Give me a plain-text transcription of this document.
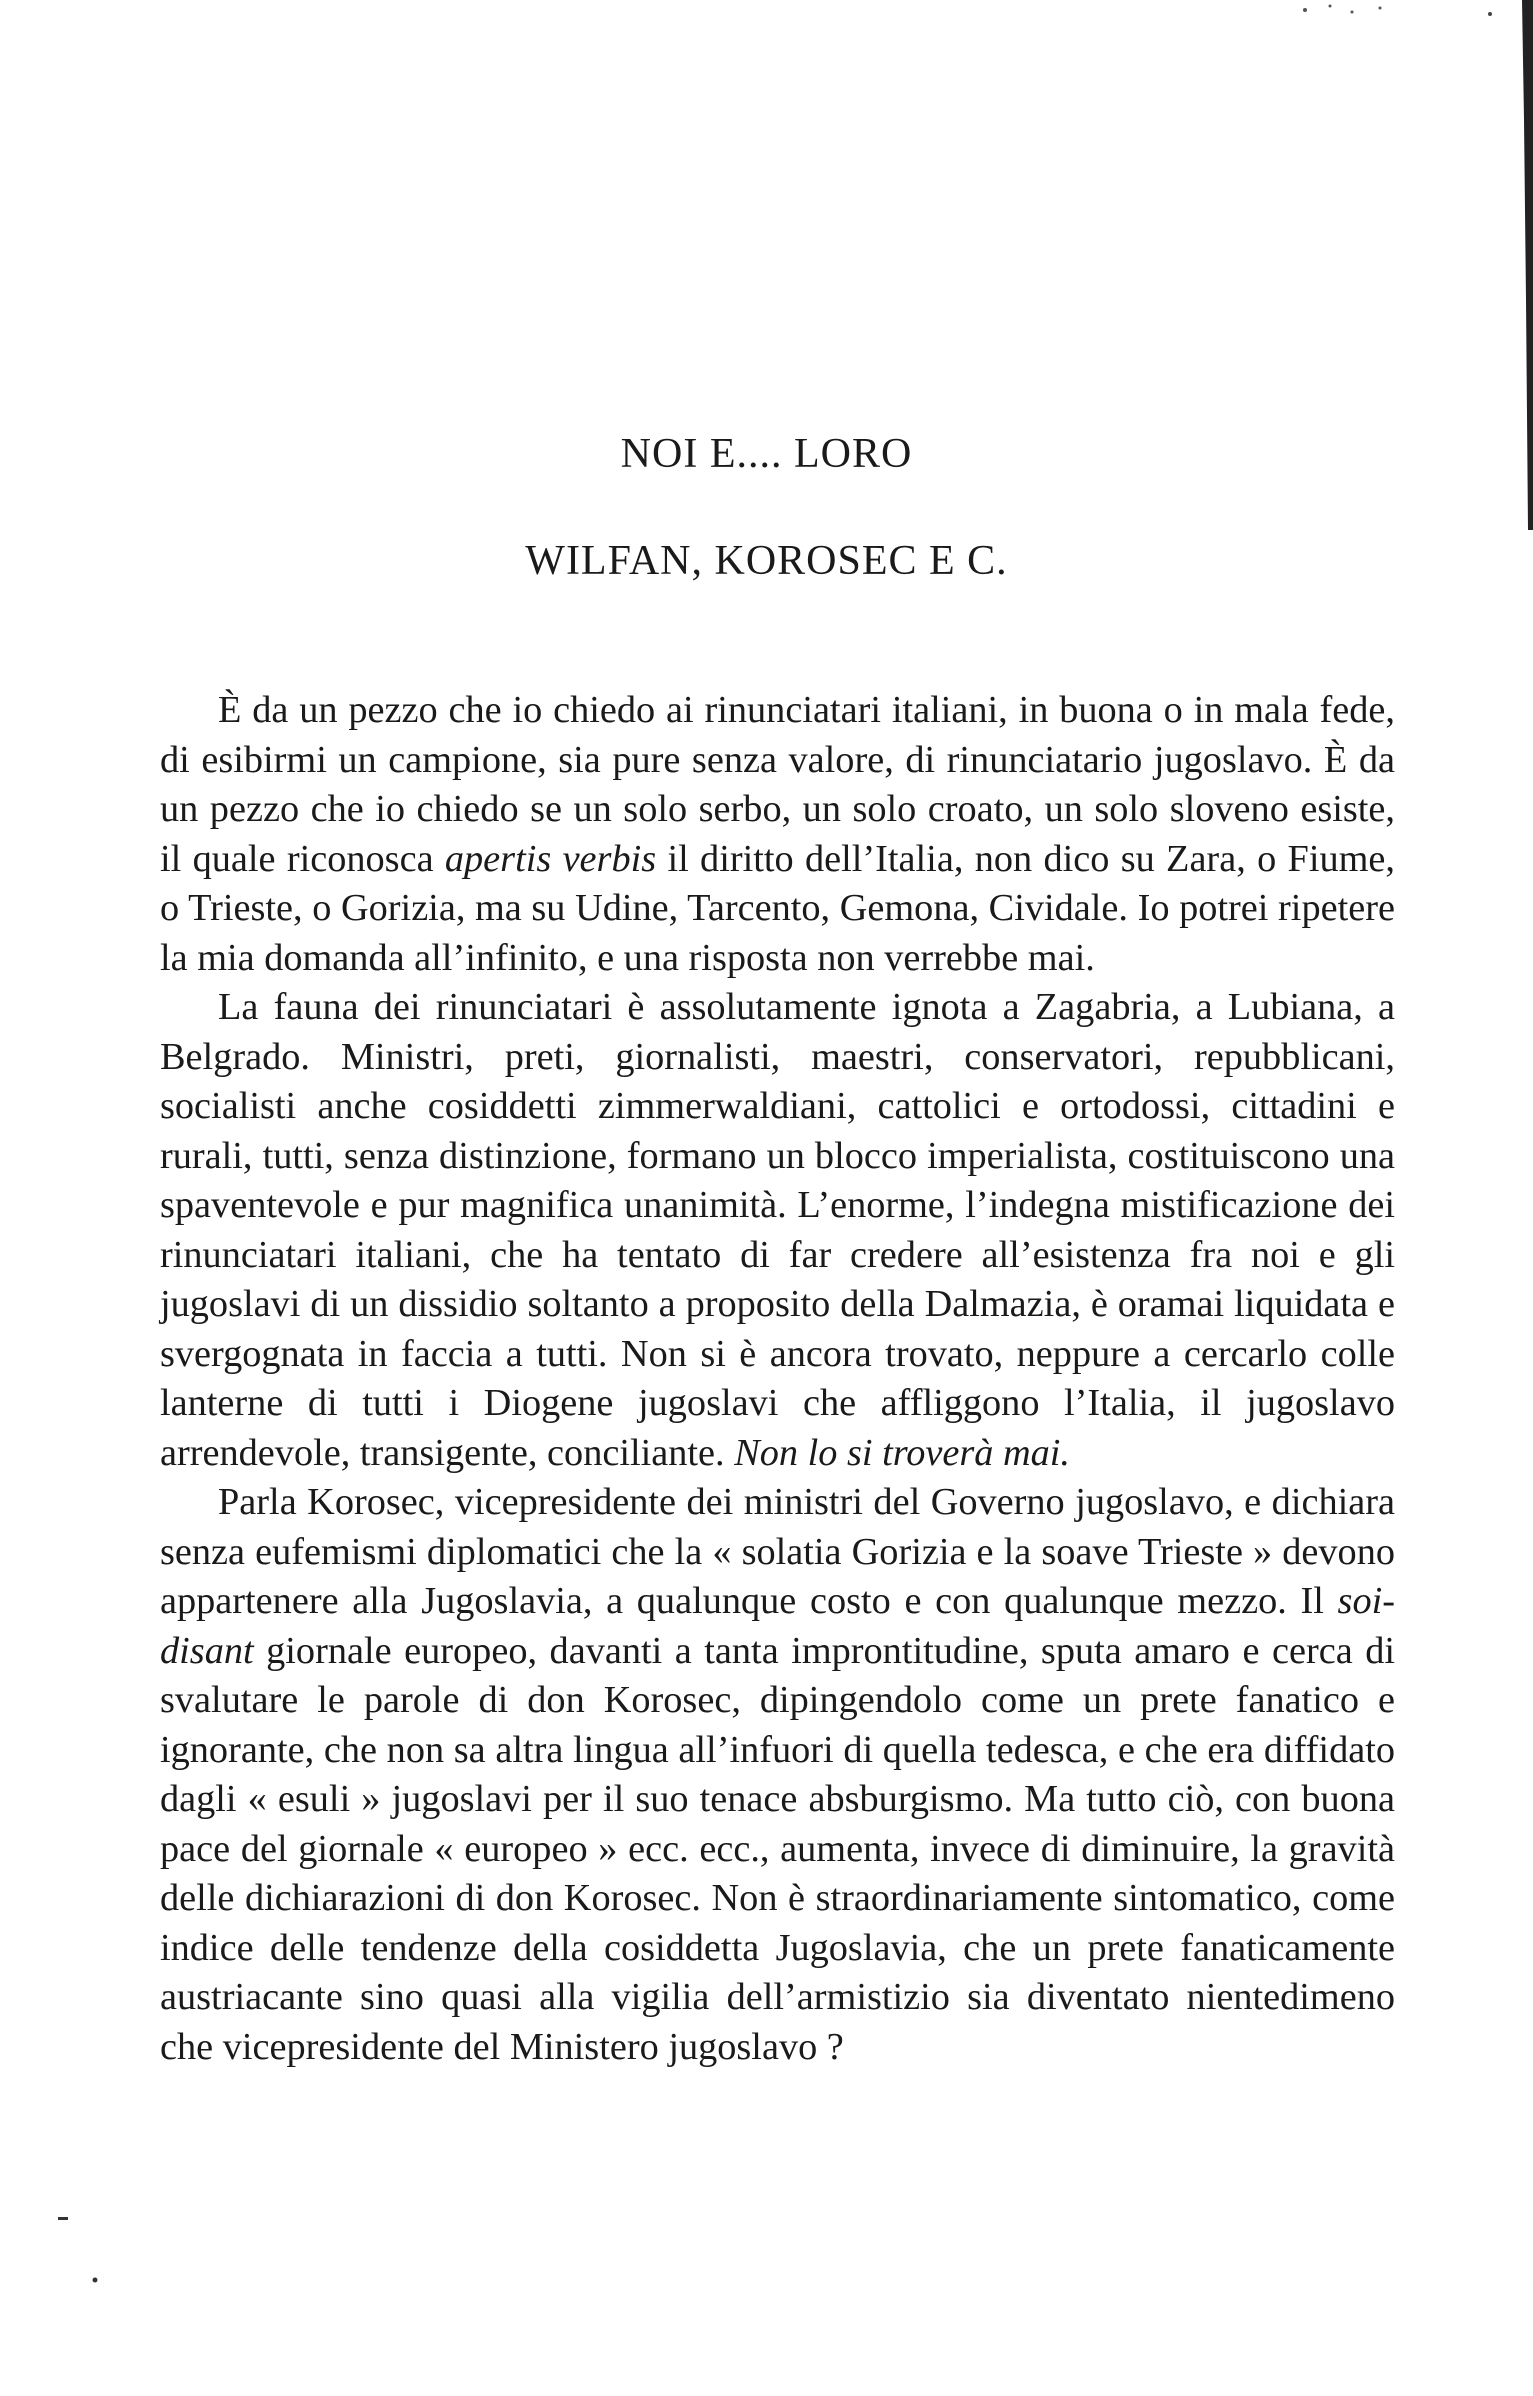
NOI E.... LORO
WILFAN, KOROSEC E C.

È da un pezzo che io chiedo ai rinunciatari italiani, in buona o in mala fede, di esibirmi un campione, sia pure senza valore, di rinunciatario jugoslavo. È da un pezzo che io chiedo se un solo serbo, un solo croato, un solo sloveno esiste, il quale riconosca apertis verbis il diritto dell’Italia, non dico su Zara, o Fiume, o Trieste, o Gorizia, ma su Udine, Tarcento, Gemona, Cividale. Io potrei ripetere la mia domanda all’infinito, e una risposta non verrebbe mai.

La fauna dei rinunciatari è assolutamente ignota a Zagabria, a Lubiana, a Belgrado. Ministri, preti, giornalisti, maestri, conservatori, repubblicani, socialisti anche cosiddetti zimmerwaldiani, cattolici e ortodossi, cittadini e rurali, tutti, senza distinzione, formano un blocco imperialista, costituiscono una spaventevole e pur magnifica unanimità. L’enorme, l’indegna mistificazione dei rinunciatari italiani, che ha tentato di far credere all’esistenza fra noi e gli jugoslavi di un dissidio soltanto a proposito della Dalmazia, è oramai liquidata e svergognata in faccia a tutti. Non si è ancora trovato, neppure a cercarlo colle lanterne di tutti i Diogene jugoslavi che affliggono l’Italia, il jugoslavo arrendevole, transigente, conciliante. Non lo si troverà mai.

Parla Korosec, vicepresidente dei ministri del Governo jugoslavo, e dichiara senza eufemismi diplomatici che la « solatia Gorizia e la soave Trieste » devono appartenere alla Jugoslavia, a qualunque costo e con qualunque mezzo. Il soi-disant giornale europeo, davanti a tanta improntitudine, sputa amaro e cerca di svalutare le parole di don Korosec, dipingendolo come un prete fanatico e ignorante, che non sa altra lingua all’infuori di quella tedesca, e che era diffidato dagli « esuli » jugoslavi per il suo tenace absburgismo. Ma tutto ciò, con buona pace del giornale « europeo » ecc. ecc., aumenta, invece di diminuire, la gravità delle dichiarazioni di don Korosec. Non è straordinariamente sintomatico, come indice delle tendenze della cosiddetta Jugoslavia, che un prete fanaticamente austriacante sino quasi alla vigilia dell’armistizio sia diventato nientedimeno che vicepresidente del Ministero jugoslavo ?
